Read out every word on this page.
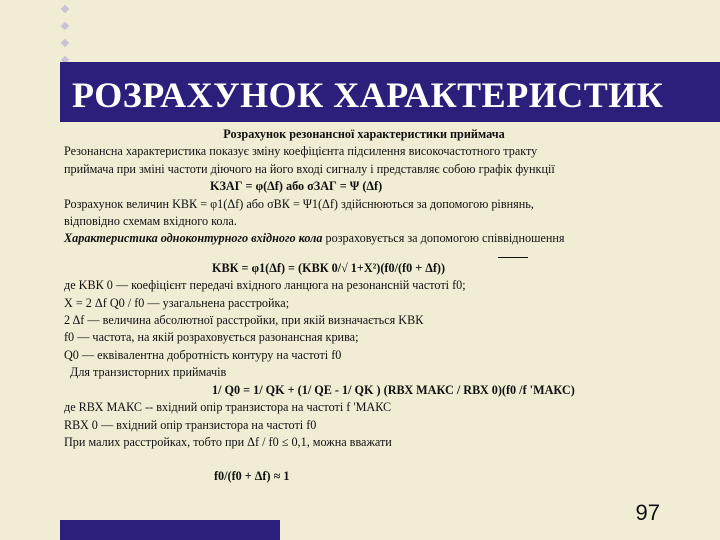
РОЗРАХУНОК ХАРАКТЕРИСТИК

Розрахунок резонансної характеристики приймача

Резонансна характеристика показує зміну коефіцієнта підсилення високочастотного тракту

приймача при зміні частоти діючого на його вході сигналу і представляє собою графік функції

KЗАГ = φ(Δf) або σЗАГ = Ψ (Δf)

Розрахунок величин KВК = φ1(Δf) або σВК = Ψ1(Δf) здійснюються за допомогою рівнянь,

відповідно схемам вхідного кола.

Характеристика одноконтурного вхідного кола розраховується за допомогою співвідношення

KВК = φ1(Δf) = (KВК 0/√ 1+X²)(f0/(f0 + Δf))

де KВК 0 — коефіцієнт передачі вхідного ланцюга на резонансній частоті f0;

X = 2 Δf Q0 / f0 — узагальнена расстройка;

2 Δf — величина абсолютної расстройки, при якій визначається KВК

f0 — частота, на якій розраховується разонансная крива;

Q0 — еквівалентна добротність контуру на частоті f0

Для транзисторних приймачів

1/ Q0 = 1/ QK + (1/ QE - 1/ QK ) (RВХ МАКС / RВХ 0)(f0 /f 'МАКС)

де RВХ МАКС -- вхідний опір транзистора на частоті f 'МАКС

RВХ 0 — вхідний опір транзистора на частоті f0

При малих расстройках, тобто при Δf / f0 ≤ 0,1, можна вважати

f0/(f0 + Δf) ≈ 1

97
